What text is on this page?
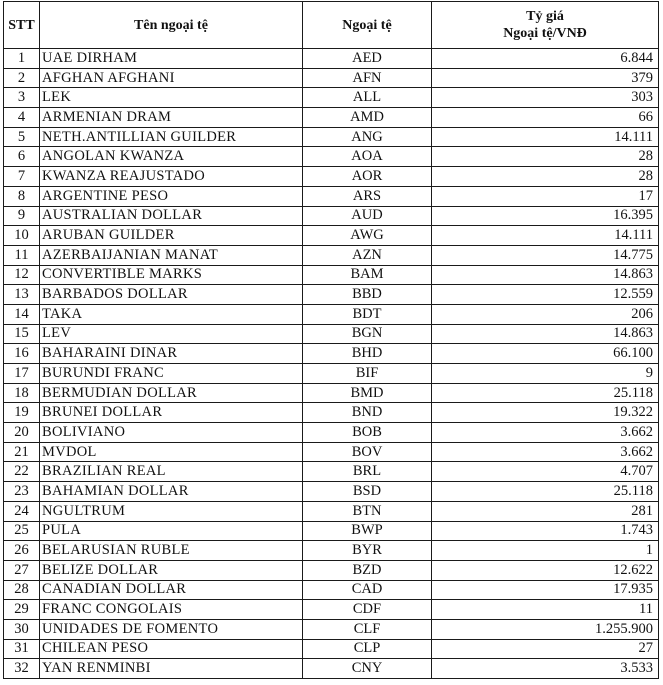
STT	Tên ngoại tệ	Ngoại tệ	Tỷ giá
Ngoại tệ/VNĐ

1	UAE DIRHAM	AED	6.844
2	AFGHAN AFGHANI	AFN	379
3	LEK	ALL	303
4	ARMENIAN DRAM	AMD	66
5	NETH.ANTILLIAN GUILDER	ANG	14.111
6	ANGOLAN KWANZA	AOA	28
7	KWANZA REAJUSTADO	AOR	28
8	ARGENTINE PESO	ARS	17
9	AUSTRALIAN DOLLAR	AUD	16.395
10	ARUBAN GUILDER	AWG	14.111
11	AZERBAIJANIAN MANAT	AZN	14.775
12	CONVERTIBLE MARKS	BAM	14.863
13	BARBADOS DOLLAR	BBD	12.559
14	TAKA	BDT	206
15	LEV	BGN	14.863
16	BAHARAINI DINAR	BHD	66.100
17	BURUNDI FRANC	BIF	9
18	BERMUDIAN DOLLAR	BMD	25.118
19	BRUNEI DOLLAR	BND	19.322
20	BOLIVIANO	BOB	3.662
21	MVDOL	BOV	3.662
22	BRAZILIAN REAL	BRL	4.707
23	BAHAMIAN DOLLAR	BSD	25.118
24	NGULTRUM	BTN	281
25	PULA	BWP	1.743
26	BELARUSIAN RUBLE	BYR	1
27	BELIZE DOLLAR	BZD	12.622
28	CANADIAN DOLLAR	CAD	17.935
29	FRANC CONGOLAIS	CDF	11
30	UNIDADES DE FOMENTO	CLF	1.255.900
31	CHILEAN PESO	CLP	27
32	YAN RENMINBI	CNY	3.533
